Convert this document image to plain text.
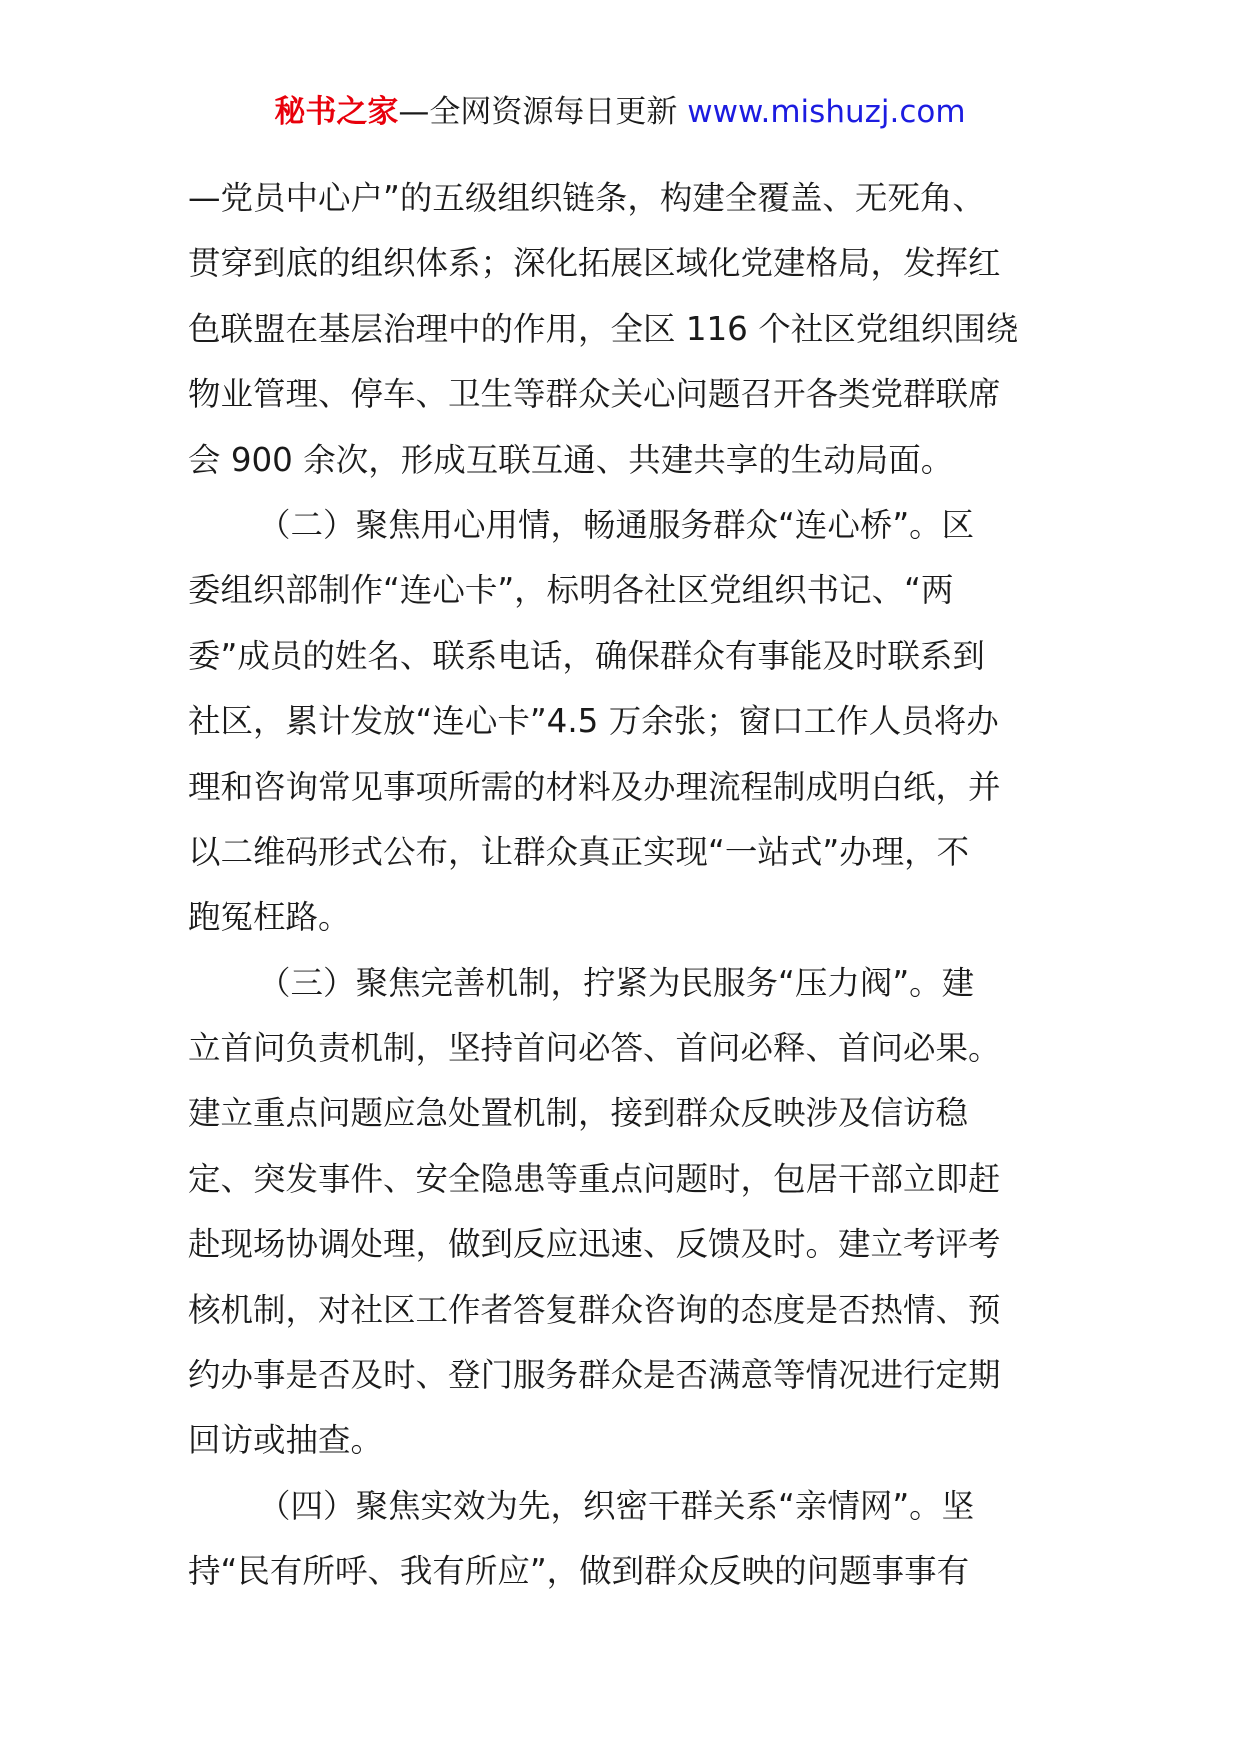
秘书之家—全网资源每日更新 www.mishuzj.com
—党员中心户”的五级组织链条，构建全覆盖、无死角、
贯穿到底的组织体系；深化拓展区域化党建格局，发挥红
色联盟在基层治理中的作用，全区 116 个社区党组织围绕
物业管理、停车、卫生等群众关心问题召开各类党群联席
会 900 余次，形成互联互通、共建共享的生动局面。
（二）聚焦用心用情，畅通服务群众“连心桥”。区
委组织部制作“连心卡”，标明各社区党组织书记、“两
委”成员的姓名、联系电话，确保群众有事能及时联系到
社区，累计发放“连心卡”4.5 万余张；窗口工作人员将办
理和咨询常见事项所需的材料及办理流程制成明白纸，并
以二维码形式公布，让群众真正实现“一站式”办理，不
跑冤枉路。
（三）聚焦完善机制，拧紧为民服务“压力阀”。建
立首问负责机制，坚持首问必答、首问必释、首问必果。
建立重点问题应急处置机制，接到群众反映涉及信访稳
定、突发事件、安全隐患等重点问题时，包居干部立即赶
赴现场协调处理，做到反应迅速、反馈及时。建立考评考
核机制，对社区工作者答复群众咨询的态度是否热情、预
约办事是否及时、登门服务群众是否满意等情况进行定期
回访或抽查。
（四）聚焦实效为先，织密干群关系“亲情网”。坚
持“民有所呼、我有所应”，做到群众反映的问题事事有
